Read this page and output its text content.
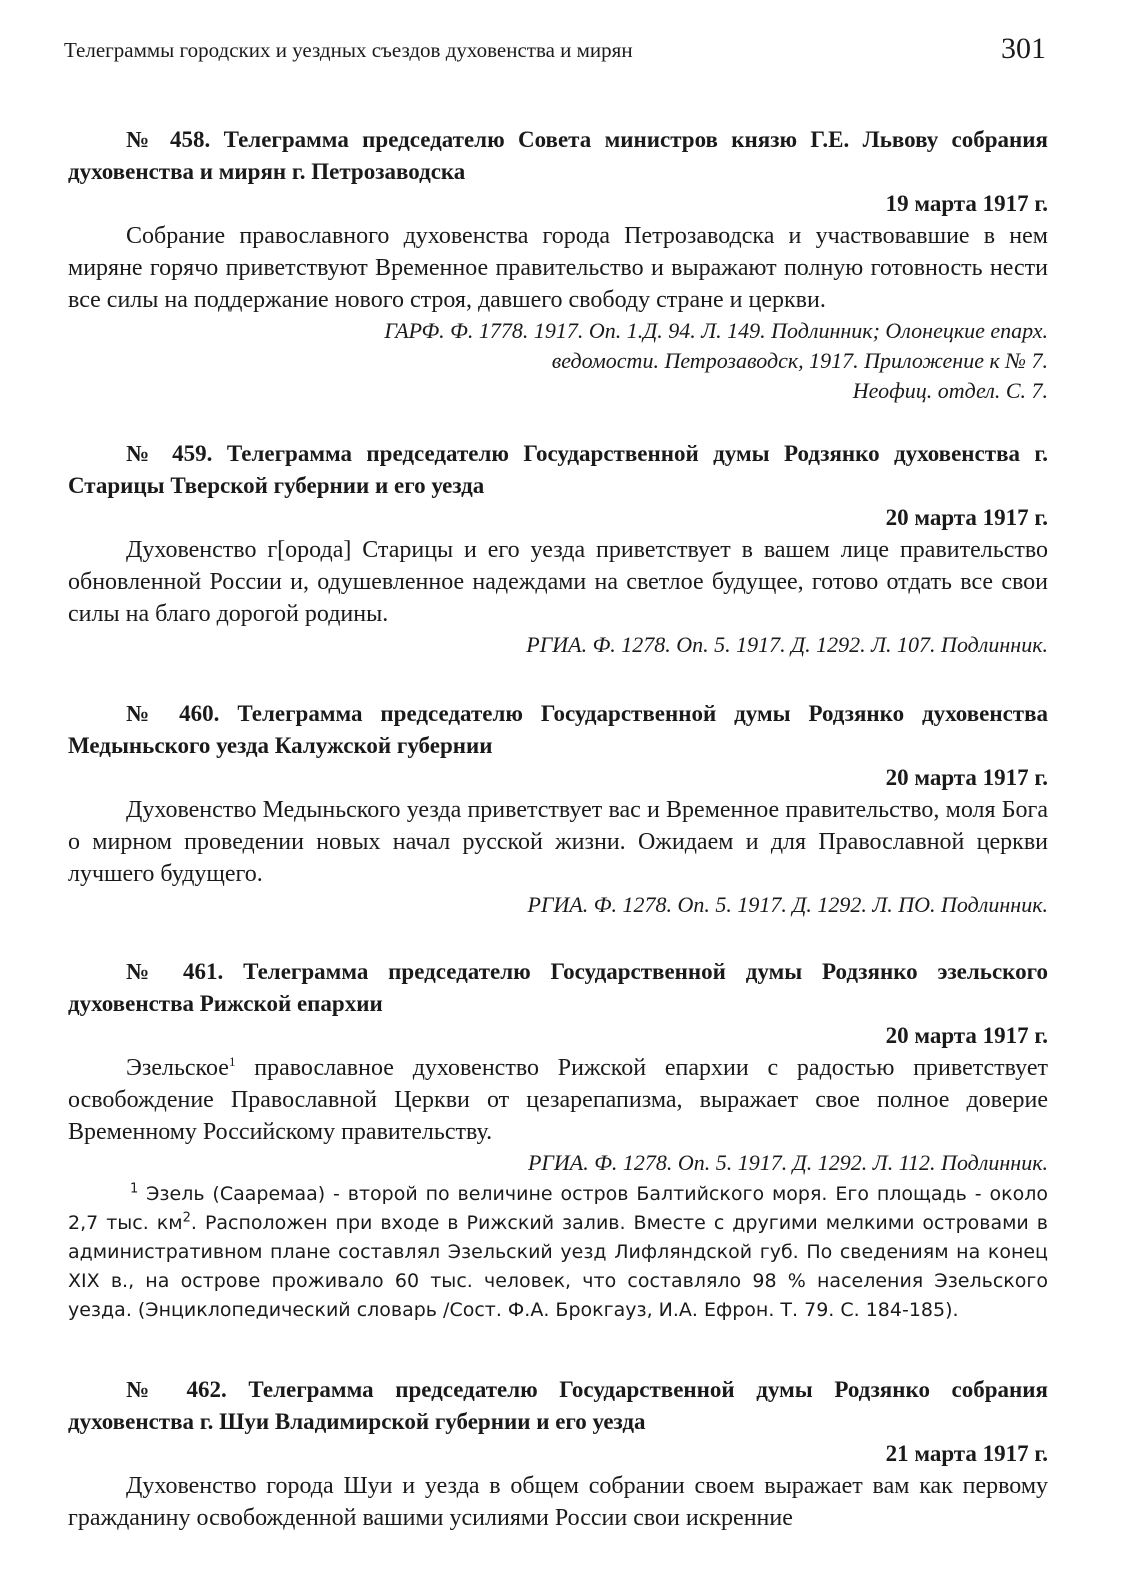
Телеграммы городских и уездных съездов духовенства и мирян	301

№ 458. Телеграмма председателю Совета министров князю Г.Е. Львову собрания духовенства и мирян г. Петрозаводска

19 марта 1917 г.

Собрание православного духовенства города Петрозаводска и участвовавшие в нем миряне горячо приветствуют Временное правительство и выражают полную готовность нести все силы на поддержание нового строя, давшего свободу стране и церкви.

ГАРФ. Ф. 1778. 1917. Оп. 1.Д. 94. Л. 149. Подлинник; Олонецкие епарх.
ведомости. Петрозаводск, 1917. Приложение к № 7.
Неофиц. отдел. С. 7.

№ 459. Телеграмма председателю Государственной думы Родзянко духовенства г. Старицы Тверской губернии и его уезда

20 марта 1917 г.

Духовенство г[орода] Старицы и его уезда приветствует в вашем лице правительство обновленной России и, одушевленное надеждами на светлое будущее, готово отдать все свои силы на благо дорогой родины.

РГИА. Ф. 1278. Оп. 5. 1917. Д. 1292. Л. 107. Подлинник.

№ 460. Телеграмма председателю Государственной думы Родзянко духовенства Медыньского уезда Калужской губернии

20 марта 1917 г.

Духовенство Медыньского уезда приветствует вас и Временное правительство, моля Бога о мирном проведении новых начал русской жизни. Ожидаем и для Православной церкви лучшего будущего.

РГИА. Ф. 1278. Оп. 5. 1917. Д. 1292. Л. ПО. Подлинник.

№ 461. Телеграмма председателю Государственной думы Родзянко эзельского духовенства Рижской епархии

20 марта 1917 г.

Эзельское$^1$ православное духовенство Рижской епархии с радостью приветствует освобождение Православной Церкви от цезарепапизма, выражает свое полное доверие Временному Российскому правительству.

РГИА. Ф. 1278. Оп. 5. 1917. Д. 1292. Л. 112. Подлинник.

$^1$ Эзель (Сааремаа) - второй по величине остров Балтийского моря. Его площадь - около 2,7 тыс. $км^2$. Расположен при входе в Рижский залив. Вместе с другими мелкими островами в административном плане составлял Эзельский уезд Лифляндской губ. По сведениям на конец XIX в., на острове проживало 60 тыс. человек, что составляло 98 % населения Эзельского уезда. (Энциклопедический словарь /Сост. Ф.А. Брокгауз, И.А. Ефрон. Т. 79. С. 184-185).

№ 462. Телеграмма председателю Государственной думы Родзянко собрания духовенства г. Шуи Владимирской губернии и его уезда

21 марта 1917 г.

Духовенство города Шуи и уезда в общем собрании своем выражает вам как первому гражданину освобожденной вашими усилиями России свои искренние
